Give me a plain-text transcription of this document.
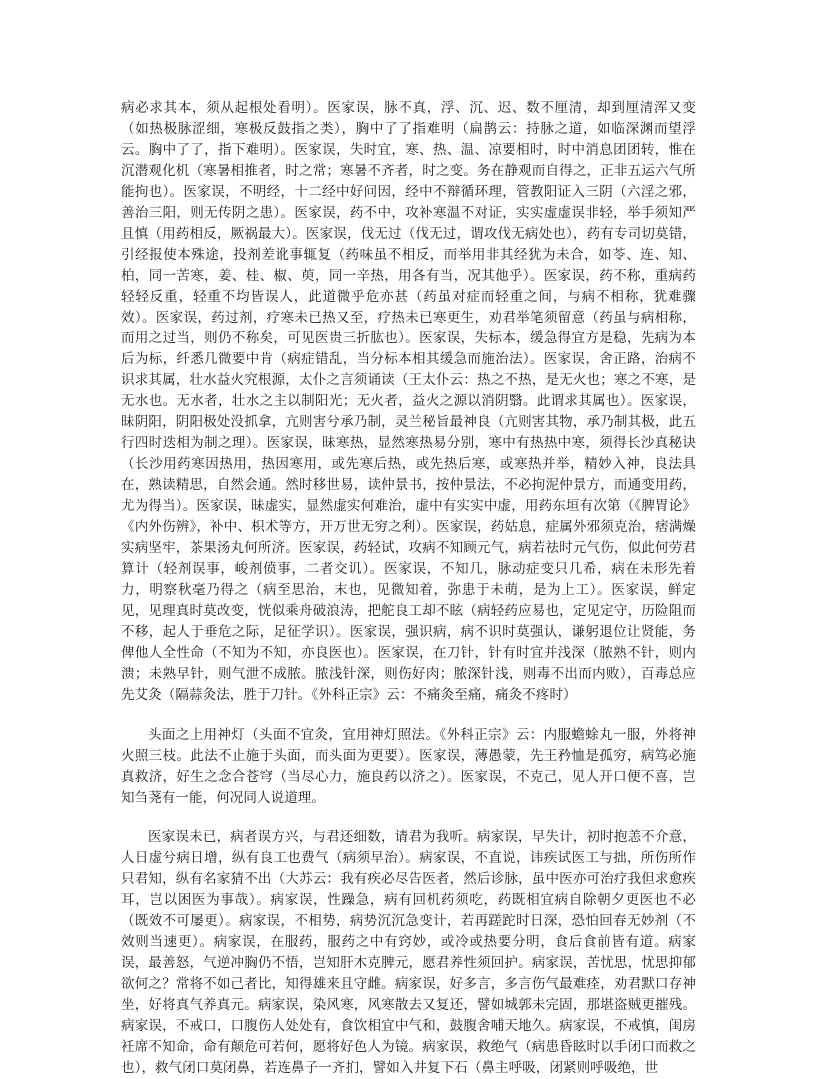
病必求其本，须从起根处看明）。医家误，脉不真，浮、沉、迟、数不厘清，却到厘清浑又变（如热极脉涩细，寒极反鼓指之类），胸中了了指难明（扁鹊云：持脉之道，如临深渊而望浮云。胸中了了，指下难明）。医家误，失时宜，寒、热、温、凉要相时，时中消息团团转，惟在沉潜观化机（寒暑相推者，时之常；寒暑不齐者，时之变。务在静观而自得之，正非五运六气所能拘也）。医家误，不明经，十二经中好问因，经中不辩循环理，管教阳证入三阴（六淫之邪，善治三阳，则无传阴之患）。医家误，药不中，攻补寒温不对证，实实虚虚误非轻，举手须知严且慎（用药相反，厥祸最大）。医家误，伐无过（伐无过，谓攻伐无病处也），药有专司切莫错，引经报使本殊途，投剂差讹事辄复（药味虽不相反，而举用非其经犹为未合，如苓、连、知、柏，同一苦寒，姜、桂、椒、萸，同一辛热，用各有当，况其他乎）。医家误，药不称，重病药轻轻反重，轻重不均皆误人，此道微乎危亦甚（药虽对症而轻重之间，与病不相称，犹难骤效）。医家误，药过剂，疗寒未已热又至，疗热未已寒更生，劝君举笔须留意（药虽与病相称，而用之过当，则仍不称矣，可见医贵三折肱也）。医家误，失标本，缓急得宜方是稳，先病为本后为标，纤悉几微要中肯（病症错乱，当分标本相其缓急而施治法）。医家误，舍正路，治病不识求其属，壮水益火究根源，太仆之言须诵读（王太仆云：热之不热，是无火也；寒之不寒，是无水也。无水者，壮水之主以制阳光；无火者，益火之源以消阴翳。此谓求其属也）。医家误，昧阴阳，阴阳极处没抓拿，亢则害兮承乃制，灵兰秘旨最神良（亢则害其物，承乃制其极，此五行四时迭相为制之理）。医家误，昧寒热，显然寒热易分别，寒中有热热中寒，须得长沙真秘诀（长沙用药寒因热用，热因寒用，或先寒后热，或先热后寒，或寒热并举，精妙入神，良法具在，熟读精思，自然会通。然时移世易，读仲景书，按仲景法，不必拘泥仲景方，而通变用药，尤为得当）。医家误，昧虚实，显然虚实何难治，虚中有实实中虚，用药东垣有次第（《脾胃论》《内外伤辨》，补中、枳术等方，开万世无穷之利）。医家误，药姑息，症属外邪须克治，痞满燥实病坚牢，茶果汤丸何所济。医家误，药轻试，攻病不知顾元气，病若祛时元气伤，似此何劳君算计（轻剂误事，峻剂偾事，二者交讥）。医家误，不知几，脉动症变只几希，病在未形先着力，明察秋毫乃得之（病至思治，末也，见微知着，弥患于未萌，是为上工）。医家误，鲜定见，见理真时莫改变，恍似乘舟破浪涛，把舵良工却不眩（病轻药应易也，定见定守，历险阻而不移，起人于垂危之际，足征学识）。医家误，强识病，病不识时莫强认，谦躬退位让贤能，务俾他人全性命（不知为不知，亦良医也）。医家误，在刀针，针有时宜并浅深（脓熟不针，则内溃；未熟早针，则气泄不成脓。脓浅针深，则伤好肉；脓深针浅，则毒不出而内败），百毒总应先艾灸（隔蒜灸法，胜于刀针。《外科正宗》云：不痛灸至痛，痛灸不疼时）

头面之上用神灯（头面不宜灸，宜用神灯照法。《外科正宗》云：内服蟾蜍丸一服，外将神火照三枝。此法不止施于头面，而头面为更要）。医家误，薄愚蒙，先王矜恤是孤穷，病笃必施真救济，好生之念合苍穹（当尽心力，施良药以济之）。医家误，不克己，见人开口便不喜，岂知刍荛有一能，何况同人说道理。

医家误未已，病者误方兴，与君还细数，请君为我听。病家误，早失计，初时抱恙不介意，人日虚兮病日增，纵有良工也费气（病须早治）。病家误，不直说，讳疾试医工与拙，所伤所作只君知，纵有名家猜不出（大苏云：我有疾必尽告医者，然后诊脉，虽中医亦可治疗我但求愈疾耳，岂以困医为事哉）。病家误，性躁急，病有回机药须吃，药既相宜病自除朝夕更医也不必（既效不可屡更）。病家误，不相势，病势沉沉急变计，若再蹉跎时日深，恐怕回春无妙剂（不效则当速更）。病家误，在服药，服药之中有窍妙，或冷或热要分明，食后食前皆有道。病家误，最善怒，气逆冲胸仍不悟，岂知肝木克脾元，愿君养性须回护。病家误，苦忧思，忧思抑郁欲何之？常将不如己者比，知得雄来且守雌。病家误，好多言，多言伤气最难痊，劝君默口存神坐，好将真气养真元。病家误，染风寒，风寒散去又复还，譬如城郭未完固，那堪盗贼更摧残。病家误，不戒口，口腹伤人处处有，食饮相宜中气和，鼓腹舍哺天地久。病家误，不戒慎，闺房衽席不知命，命有颠危可若何，愿将好色人为镜。病家误，救绝气（病患昏眩时以手闭口而救之也），救气闭口莫闭鼻，若连鼻子一齐扪，譬如入井复下石（鼻主呼吸，闭紧则呼吸绝，世
